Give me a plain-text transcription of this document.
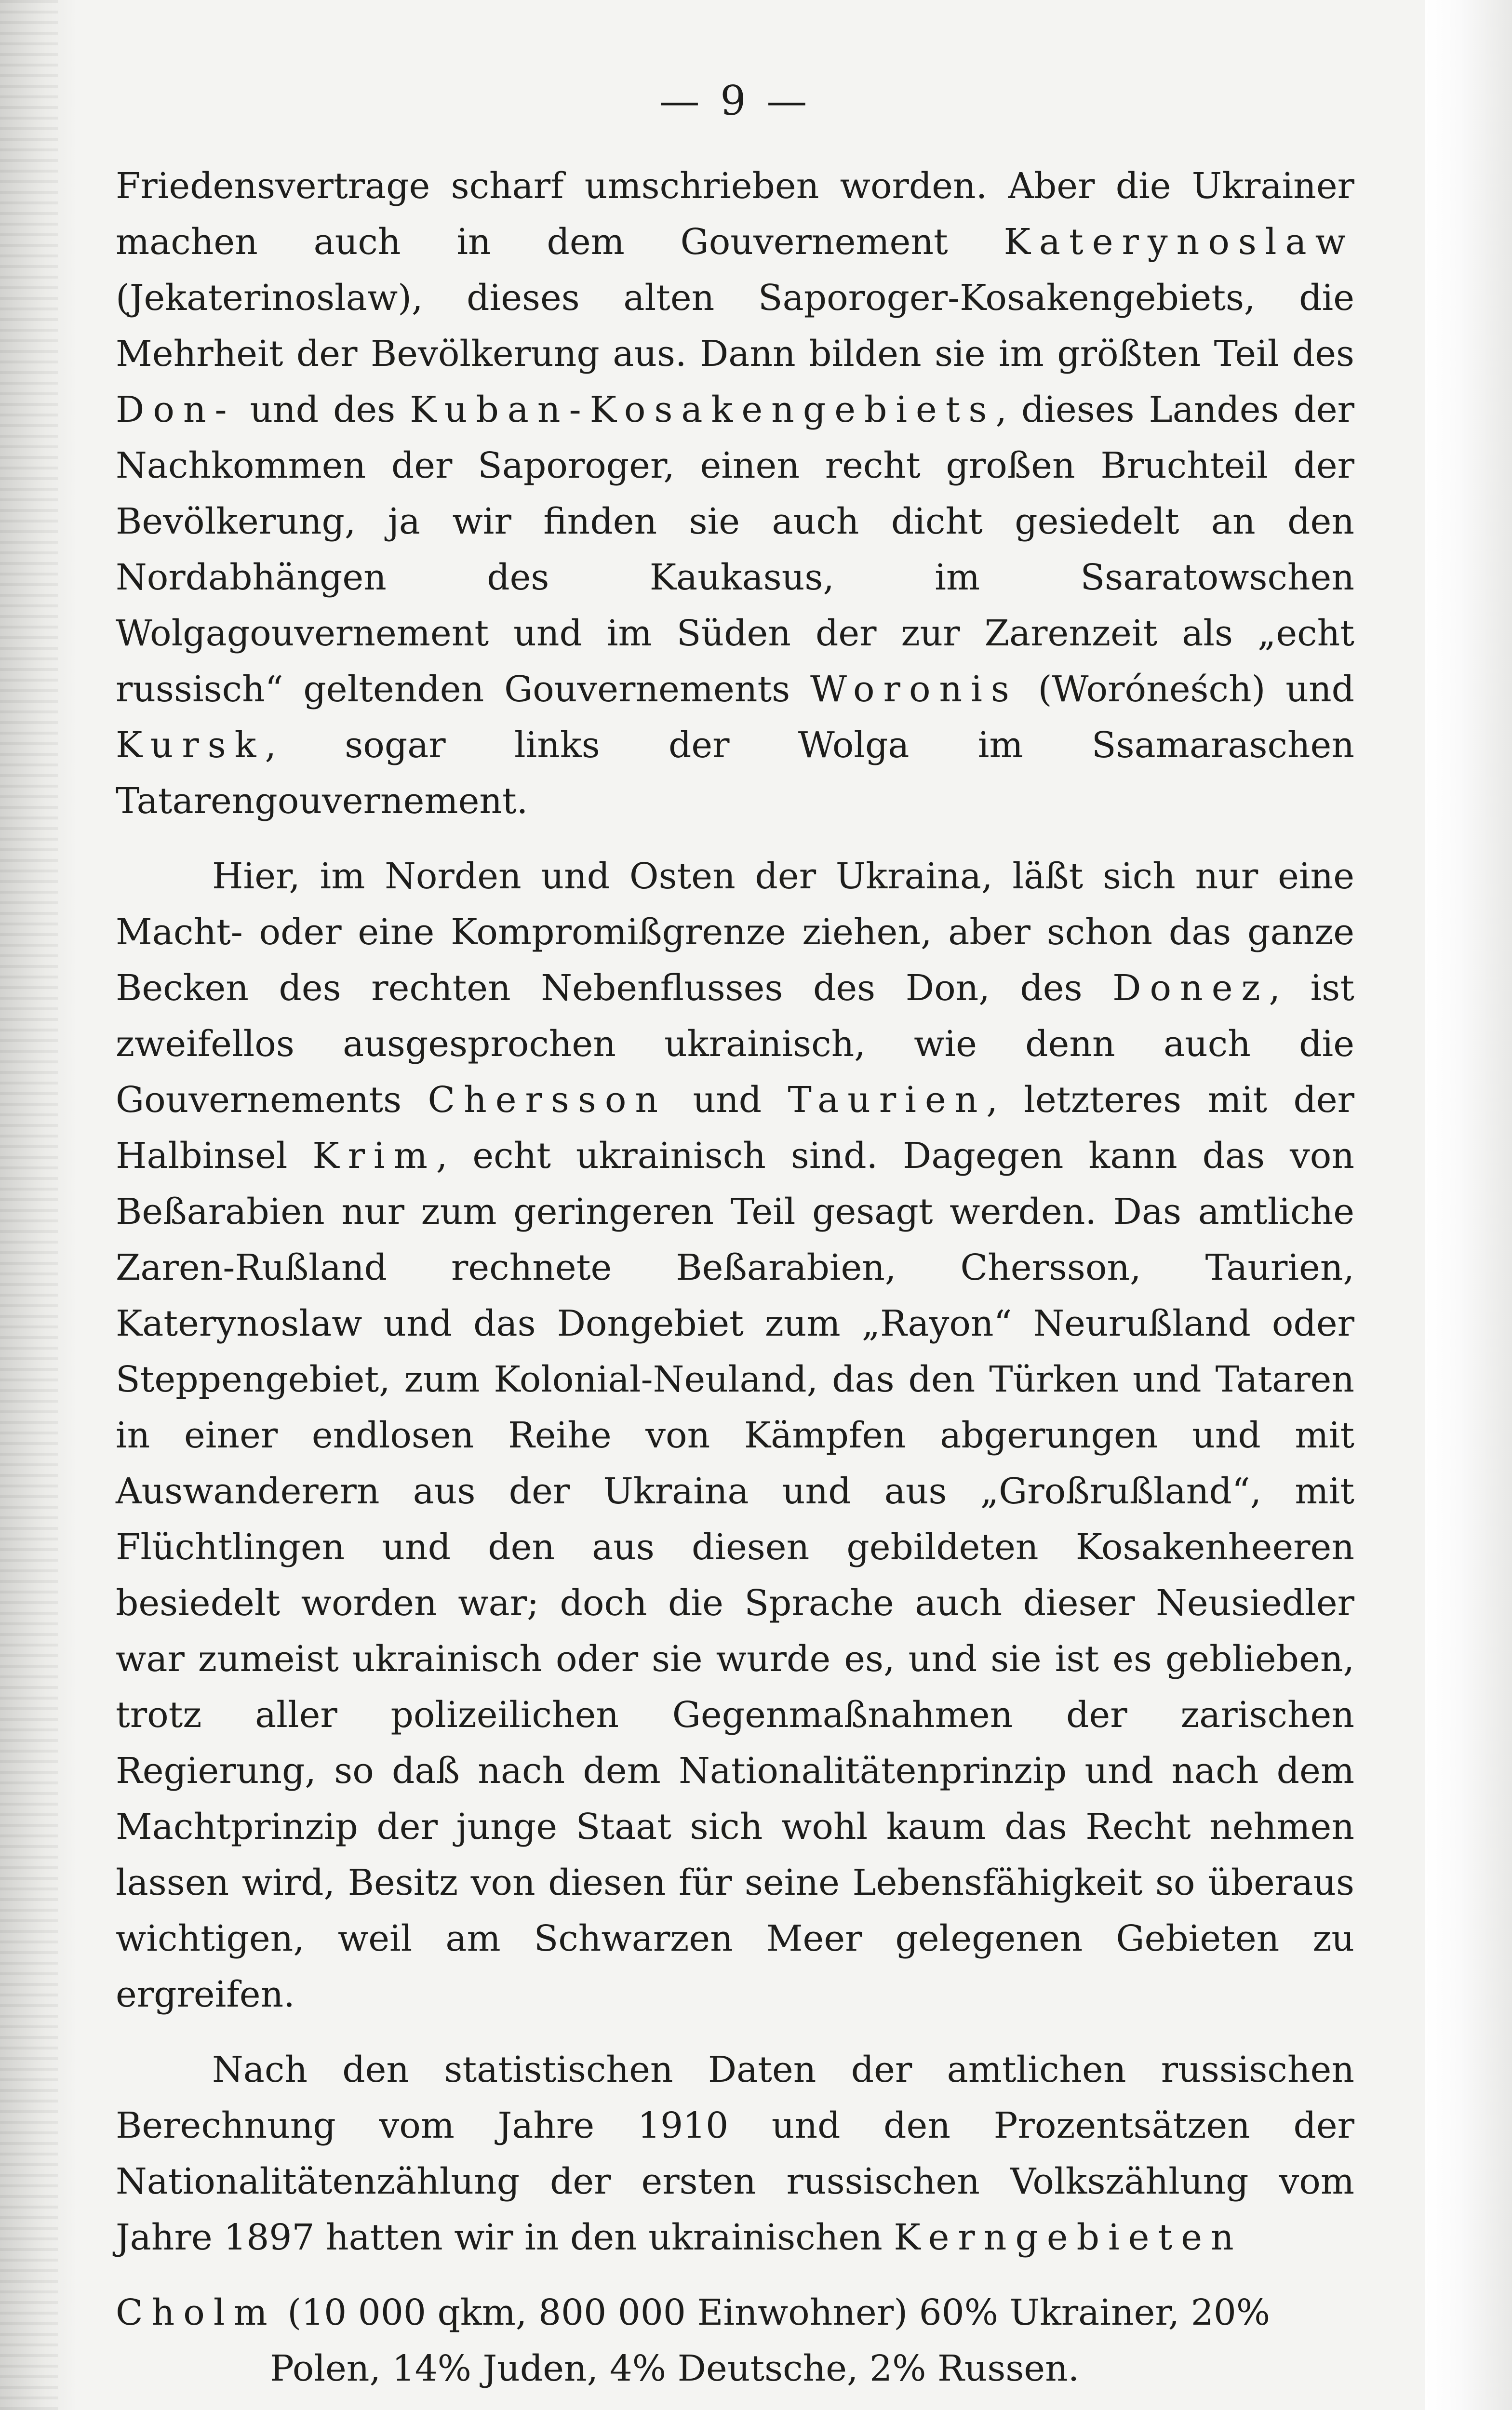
— 9 —

Friedensvertrage scharf umschrieben worden. Aber die Ukrainer machen auch in dem Gouvernement Katerynoslaw (Jekaterinoslaw), dieses alten Saporoger-Kosakengebiets, die Mehrheit der Bevölkerung aus. Dann bilden sie im größten Teil des Don- und des Kuban-Kosakengebiets, dieses Landes der Nachkommen der Saporoger, einen recht großen Bruchteil der Bevölkerung, ja wir finden sie auch dicht gesiedelt an den Nordabhängen des Kaukasus, im Ssaratowschen Wolgagouvernement und im Süden der zur Zarenzeit als „echt russisch“ geltenden Gouvernements Woronis (Woróneśch) und Kursk, sogar links der Wolga im Ssamaraschen Tatarengouvernement.

Hier, im Norden und Osten der Ukraina, läßt sich nur eine Macht- oder eine Kompromißgrenze ziehen, aber schon das ganze Becken des rechten Nebenflusses des Don, des Donez, ist zweifellos ausgesprochen ukrainisch, wie denn auch die Gouvernements Chersson und Taurien, letzteres mit der Halbinsel Krim, echt ukrainisch sind. Dagegen kann das von Beßarabien nur zum geringeren Teil gesagt werden. Das amtliche Zaren-Rußland rechnete Beßarabien, Chersson, Taurien, Katerynoslaw und das Dongebiet zum „Rayon“ Neurußland oder Steppengebiet, zum Kolonial-Neuland, das den Türken und Tataren in einer endlosen Reihe von Kämpfen abgerungen und mit Auswanderern aus der Ukraina und aus „Großrußland“, mit Flüchtlingen und den aus diesen gebildeten Kosakenheeren besiedelt worden war; doch die Sprache auch dieser Neusiedler war zumeist ukrainisch oder sie wurde es, und sie ist es geblieben, trotz aller polizeilichen Gegenmaßnahmen der zarischen Regierung, so daß nach dem Nationalitätenprinzip und nach dem Machtprinzip der junge Staat sich wohl kaum das Recht nehmen lassen wird, Besitz von diesen für seine Lebensfähigkeit so überaus wichtigen, weil am Schwarzen Meer gelegenen Gebieten zu ergreifen.

Nach den statistischen Daten der amtlichen russischen Berechnung vom Jahre 1910 und den Prozentsätzen der Nationalitätenzählung der ersten russischen Volkszählung vom Jahre 1897 hatten wir in den ukrainischen Kerngebieten

Cholm (10 000 qkm, 800 000 Einwohner) 60% Ukrainer, 20%
Polen, 14% Juden, 4% Deutsche, 2% Russen.
